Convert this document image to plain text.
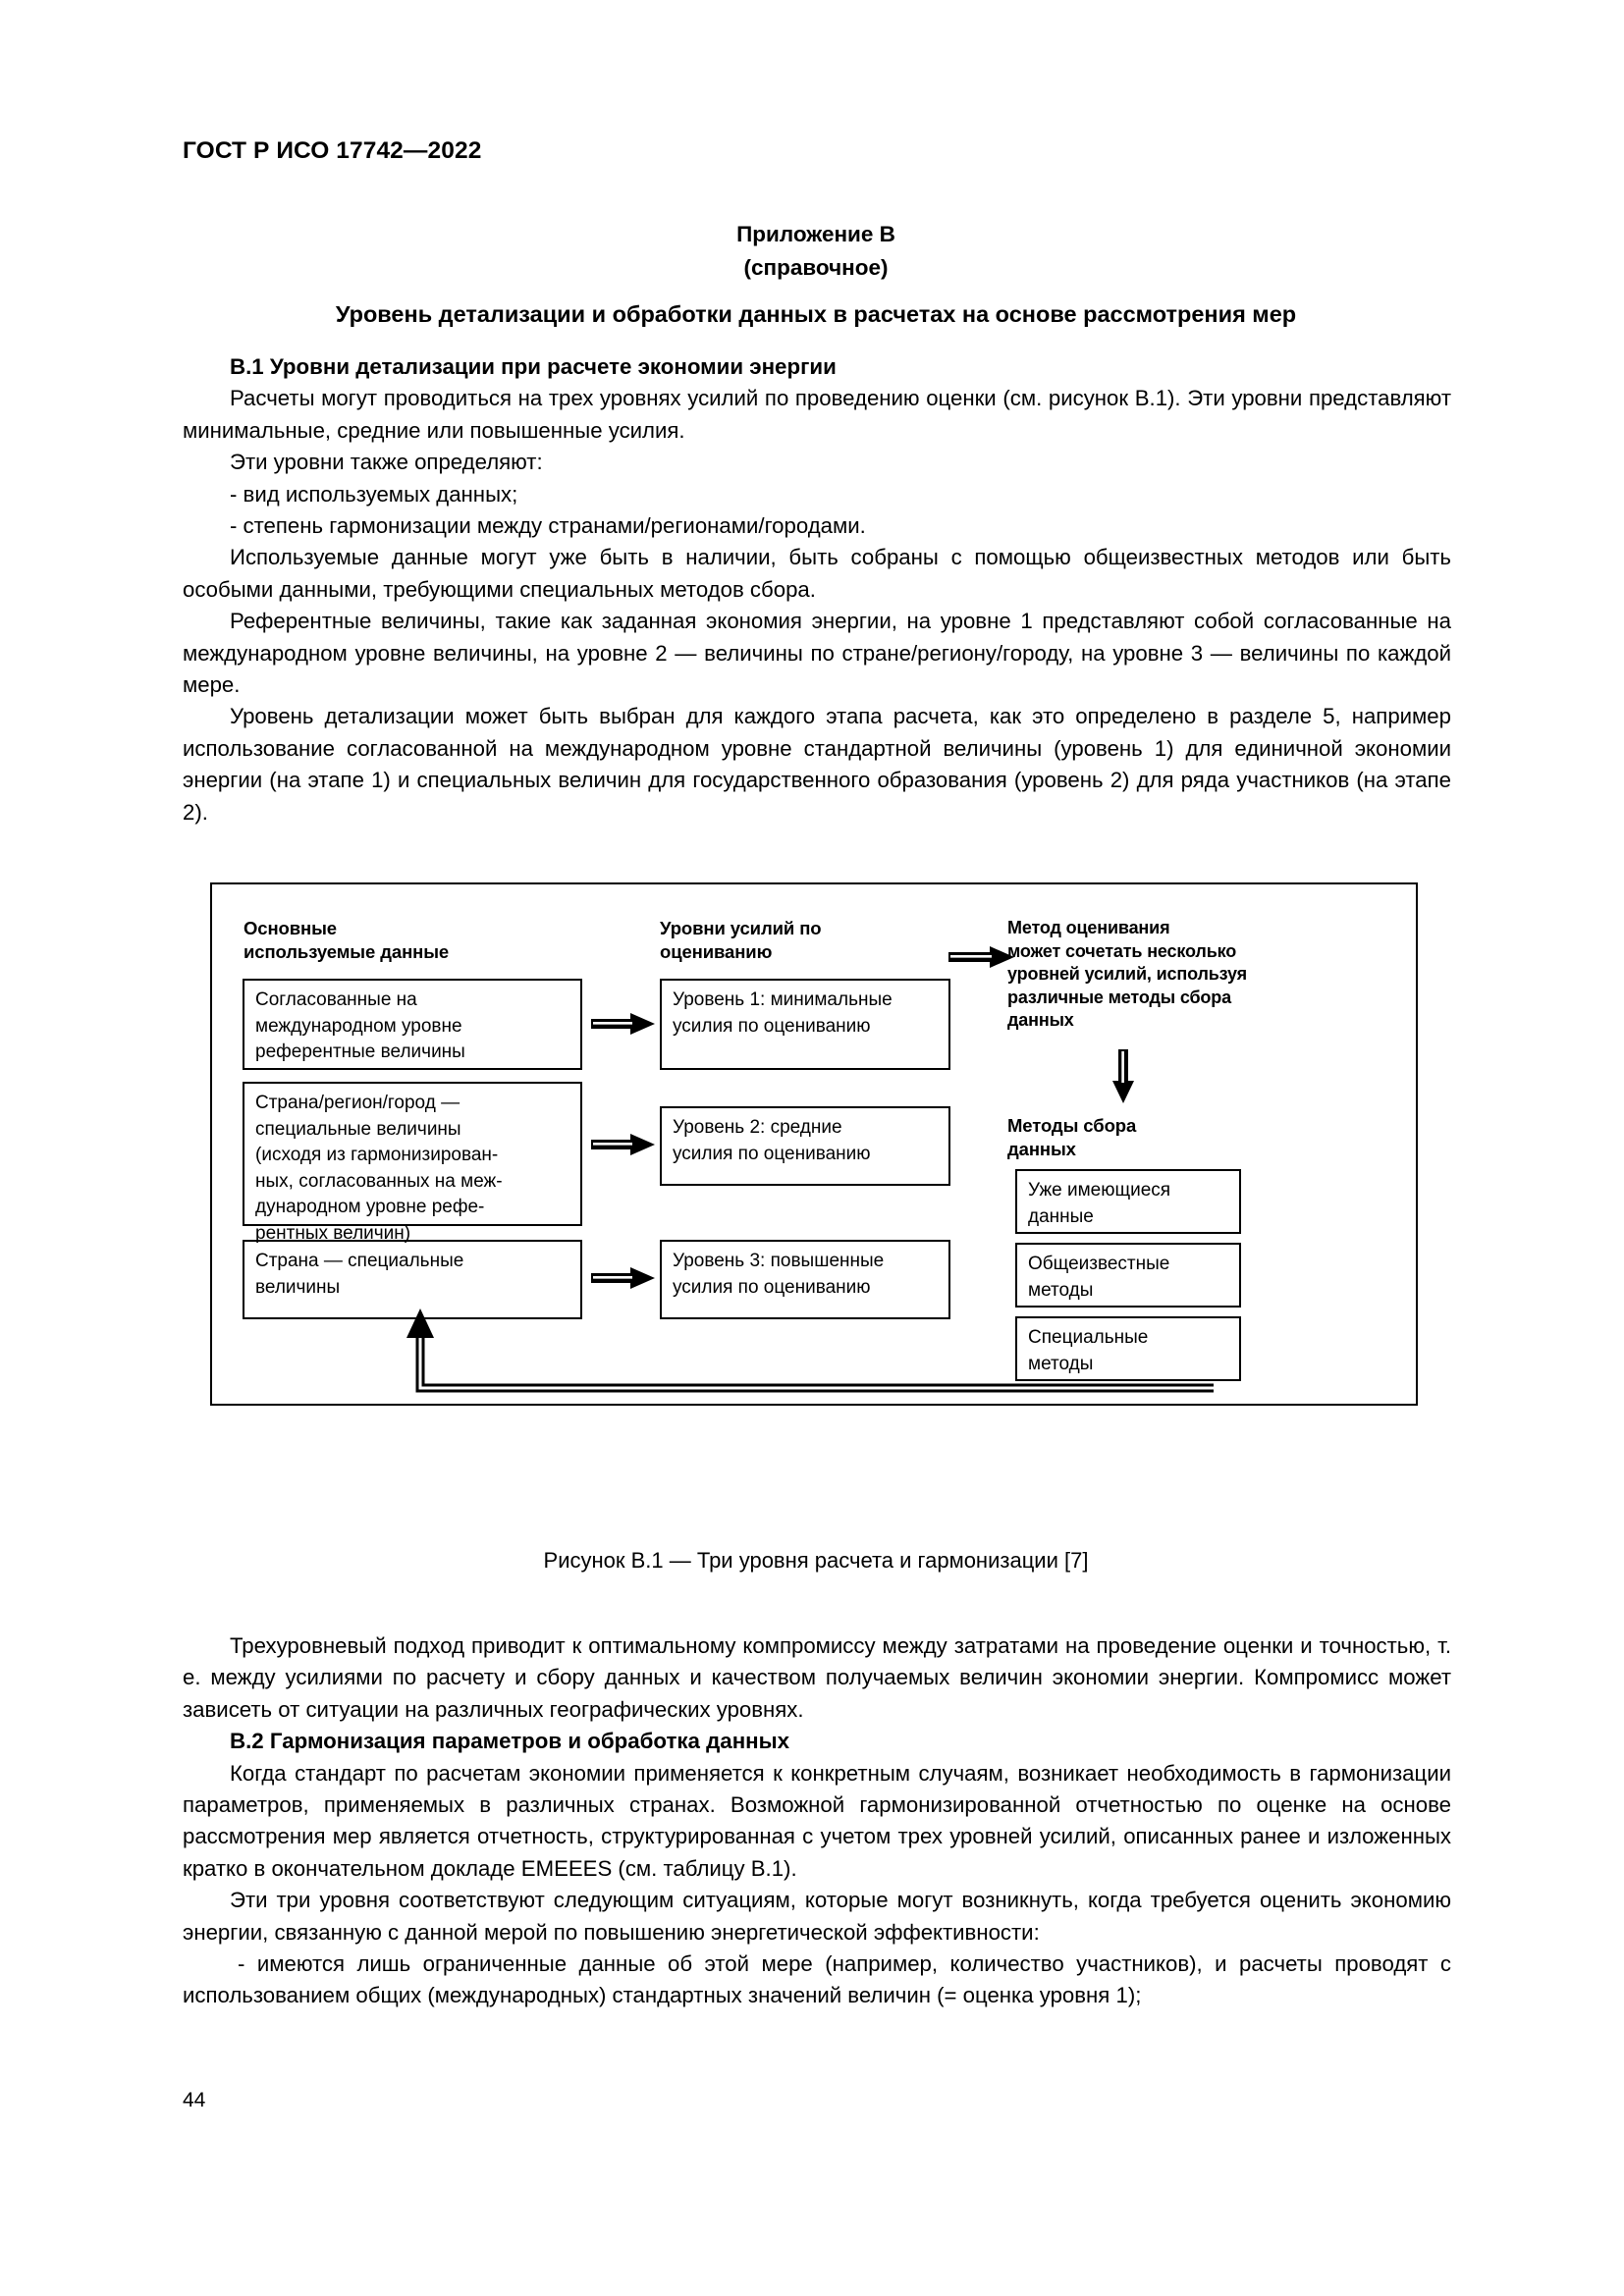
ГОСТ Р ИСО 17742—2022
Приложение В
(справочное)
Уровень детализации и обработки данных в расчетах на основе рассмотрения мер

В.1 Уровни детализации при расчете экономии энергии

Расчеты могут проводиться на трех уровнях усилий по проведению оценки (см. рисунок В.1). Эти уровни представляют минимальные, средние или повышенные усилия.

Эти уровни также определяют:

- вид используемых данных;

- степень гармонизации между странами/регионами/городами.

Используемые данные могут уже быть в наличии, быть собраны с помощью общеизвестных методов или быть особыми данными, требующими специальных методов сбора.

Референтные величины, такие как заданная экономия энергии, на уровне 1 представляют собой согласованные на международном уровне величины, на уровне 2 — величины по стране/региону/городу, на уровне 3 — величины по каждой мере.

Уровень детализации может быть выбран для каждого этапа расчета, как это определено в разделе 5, например использование согласованной на международном уровне стандартной величины (уровень 1) для единичной экономии энергии (на этапе 1) и специальных величин для государственного образования (уровень 2) для ряда участников (на этапе 2).

Основные
используемые данные
Уровни усилий по
оцениванию
Метод оценивания
может сочетать несколько уровней усилий, используя различные методы сбора данных
Методы сбора
данных
Согласованные на
международном уровне
референтные величины
Страна/регион/город —
специальные величины
(исходя из гармонизирован-
ных, согласованных на меж-
дународном уровне рефе-
рентных величин)
Страна — специальные
величины
Уровень 1: минимальные
усилия по оцениванию
Уровень 2: средние
усилия по оцениванию
Уровень 3: повышенные
усилия по оцениванию
Уже имеющиеся
данные
Общеизвестные
методы
Специальные
методы
Рисунок В.1 — Три уровня расчета и гармонизации [7]

Трехуровневый подход приводит к оптимальному компромиссу между затратами на проведение оценки и точностью, т. е. между усилиями по расчету и сбору данных и качеством получаемых величин экономии энергии. Компромисс может зависеть от ситуации на различных географических уровнях.

В.2 Гармонизация параметров и обработка данных

Когда стандарт по расчетам экономии применяется к конкретным случаям, возникает необходимость в гармонизации параметров, применяемых в различных странах. Возможной гармонизированной отчетностью по оценке на основе рассмотрения мер является отчетность, структурированная с учетом трех уровней усилий, описанных ранее и изложенных кратко в окончательном докладе EMEEES (см. таблицу В.1).

Эти три уровня соответствуют следующим ситуациям, которые могут возникнуть, когда требуется оценить экономию энергии, связанную с данной мерой по повышению энергетической эффективности:

- имеются лишь ограниченные данные об этой мере (например, количество участников), и расчеты проводят с использованием общих (международных) стандартных значений величин (= оценка уровня 1);

44
